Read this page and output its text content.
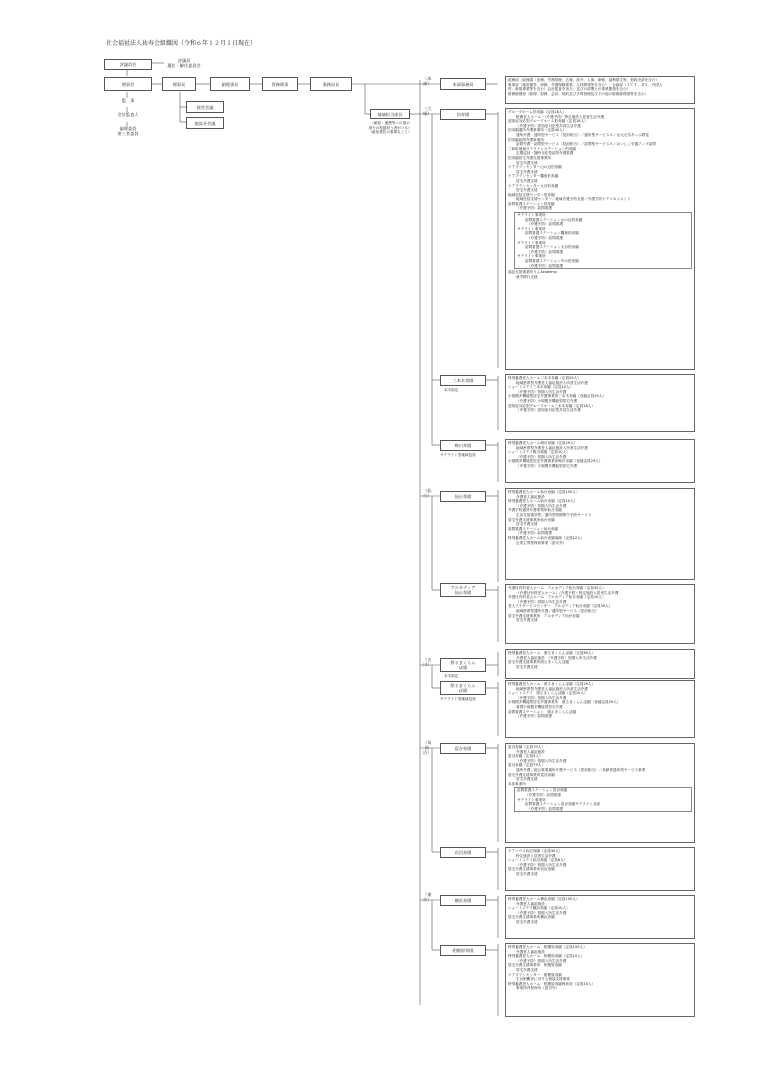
社会福祉法人祐寿会組織図（令和６年１２月１日現在）
評議員会
評議員
選任・解任委員会
理事会	理事長	副理事長	常務理事	事務局長
監　事
会計監査人
倫理委員
第三者委員
経営会議
施設長会議
地域担当部長
（統括・連携等への指示
指令の役割担う者がいる）
（統括責任の重要なこと）
（本部）
（大塚）
（仙台）
（古川）
（気仙沼）
（東京）
本部事務局
総務部（総務課（庶務、労務管理、広報、渉外、人事、研修、福利厚生等、契約決済を含む）
事業部（施設運営、研修、介護保険事業、人材開発等を含む）、企画部（ＩＣＴ、ＤＸ、外国人
材、新規事業等を含む）会計監査を担当、並びの部署との事業開発を含む）
財務経理部（経理、財務、会計、契約及び予算管理及びその他の財務経理部等を含む）
伯寿園
三本木寿園
本木指定
鳴川寿園
サテライト型地域包括
仙台寿園
アルカディア
仙台寿園
照るまくらん
ぼ園
本木指定
照るまくらん
ぼ園
サテライト型地域包括
富谷寿園
岩沼寿園
横浜寿園
相模原寿園
グループホーム伯寿園（定員18人）
軽費老人ホーム・（介護予防）特定施設入居者生活介護
認知症対応型グループホーム伯寿園（定員18人）
（介護予防）認知症対応型共同生活介護
伯寿園通所介護事業所（定員40人）
通所介護・通所型サービス（従前相当）／通所型サービスＡ／山元元気あっぷ教室
伯寿園訪問介護事業所
訪問介護・訪問型サービス（従前相当）／訪問型サービスＡ／おいしく栄養アップ訪問
三和町地域サテライトステーション伯寿園
定期巡回・随時対応型訪問介護看護
伯寿園居宅介護支援事業所
居宅介護支援
ケアプランセンター山の辺伯寿園
居宅介護支援
ケアプランセンター鷹巣伯寿園
居宅介護支援
ケアプランセンター大谷伯寿園
居宅介護支援
地域包括支援センター伯寿園
地域包括支援センター／地域介護予防支援／介護予防ケアマネジメント
訪問看護ステーション伯寿園
（介護予防）訪問看護
サテライト事業所
訪問看護ステーション山の辺伯寿園
（介護予防）訪問看護
サテライト事業所
訪問看護ステーション鷹巣伯寿園
（介護予防）訪問看護
サテライト事業所
訪問看護ステーション大谷伯寿園
（介護予防）訪問看護
サテライト事業所
訪問看護ステーション中の伯寿園
（介護予防）訪問看護
福祉支援事業所りんAcademy
就労移行支援
特別養護老人ホーム三本木寿園（定員29人）
地域密着型介護老人福祉施設入所者生活介護
ショートステイ三本木寿園（定員10人）
（介護予防）短期入所生活介護
小規模多機能型居宅介護事業所三本木寿園（登録定員29人）
（介護予防）小規模多機能型居宅介護
認知症対応型グループホーム三本木寿園（定員18人）
（介護予防）認知症対応型共同生活介護
特別養護老人ホーム鳴川寿園（定員29人）
地域密着型介護老人福祉施設入所者生活介護
ショートステイ鳴川寿園（定員10人）
（介護予防）短期入所生活介護
小規模多機能型居宅介護事業所鳴川寿園（登録定員29人）
（介護予防）小規模多機能型居宅介護
特別養護老人ホーム仙台寿園（定員100人）
介護老人福祉施設
特別養護老人ホーム仙台寿園（定員10人）
（介護予防）短期入所生活介護
介護予防通所介護事業所仙台寿園
生活支援通所型／通所型短期集中予防サービス
居宅介護支援事業所仙台寿園
居宅介護支援
訪問看護ステーション仙台寿園
（介護予防）訪問看護
特別養護老人ホーム仙台寿園南館（定員12人）
企業主導型保育事業（認可外）
介護付有料老人ホーム　アルカディア仙台寿園（定員30人）
（介護付有料老人ホーム）（介護予防）特定施設入居者生活介護
介護付有料老人ホーム　アルカディア仙台寿園（定員10人）
（介護予防）短期入所生活介護
老人デイサービスセンター　アルカディア仙台寿園（定員35人）
地域密着型通所介護／通所型サービス（従前相当）
居宅介護支援事業所　アルカディア仙台寿園
居宅介護支援
特別養護老人ホーム　照るまくらんぼ園（定員80人）
介護老人福祉施設　（介護予防）短期入所生活介護
居宅介護支援事業所照るまくらんぼ園
居宅介護支援
特別養護老人ホーム　照るまくらんぼ園（定員29人）
地域密着型介護老人福祉施設入所者生活介護
ショートステイ　照るまくらんぼ園（定員10人）
（介護予防）短期入所生活介護
小規模多機能型居宅介護事業所　照るまくらんぼ園（登録定員29人）
看護小規模多機能型居宅介護
訪問看護ステーション　照るまくらんぼ園
（介護予防）訪問看護
富谷寿園（定員70人）
介護老人福祉施設
富谷寿園（定員4人）
（介護予防）短期入所生活介護
富谷寿園（定員79人）
通所介護／総合事業通所介護サービス（従前相当）／高齢者通所型サービス事業
居宅介護支援事業所富谷寿園
居宅介護支援
本体事業所
訪問看護ステーション富谷寿園
（介護予防）訪問看護
サテライト事業所
訪問看護ステーション富谷寿園サテライト北部
（介護予防）訪問看護
ケアハウス岩沼寿園（定員40人）
特定施設入居者生活介護
ショートステイ岩沼寿園（定員8人）
（介護予防）短期入所生活介護
居宅介護支援事業所岩沼寿園
居宅介護支援
特別養護老人ホーム横浜寿園（定員100人）
介護老人福祉施設
ショートステイ横浜寿園（定員10人）
（介護予防）短期入所生活介護
居宅介護支援事業所横浜寿園
居宅介護支援
特別養護老人ホーム　相模原寿園（定員100人）
介護老人福祉施設
特別養護老人ホーム　相模原寿園（定員10人）
（介護予防）短期入所生活介護
居宅介護支援事業所　相模原寿園
居宅介護支援
ケアプランセンター　相模原寿園
生計困難者に対する相談支援事業
特別養護老人ホーム　相模原寿園保育室（定員10人）
事業所内保育所（認可外）
